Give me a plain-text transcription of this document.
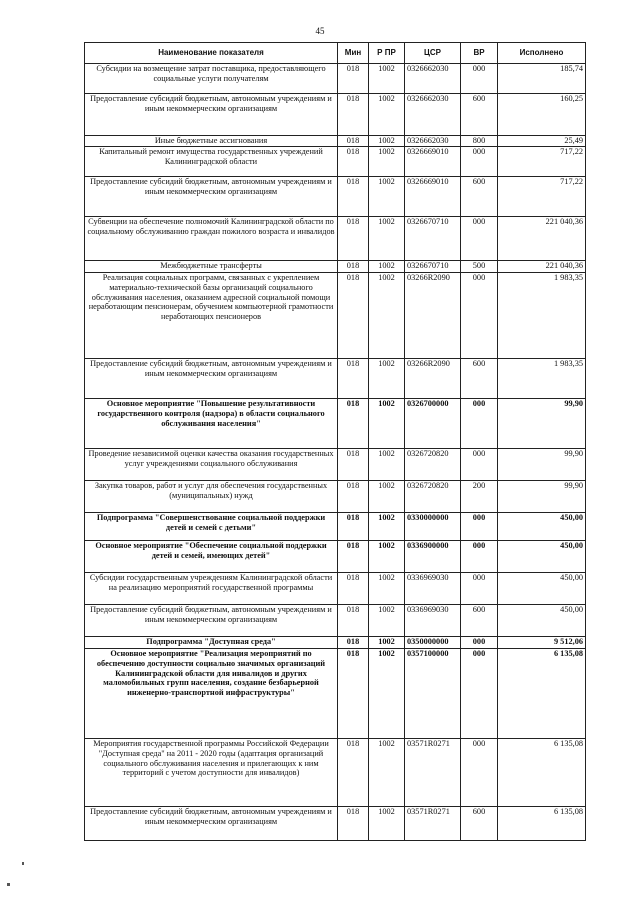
45
Наименование показателя	Мин	Р ПР	ЦСР	ВР	Исполнено
Субсидии на возмещение затрат поставщика, предоставляющего социальные услуги получателям	018	1002	0326662030	000	185,74
Предоставление субсидий бюджетным, автономным учреждениям и иным некоммерческим организациям	018	1002	0326662030	600	160,25
Иные бюджетные ассигнования	018	1002	0326662030	800	25,49
Капитальный ремонт имущества государственных учреждений Калининградской области	018	1002	0326669010	000	717,22
Предоставление субсидий бюджетным, автономным учреждениям и иным некоммерческим организациям	018	1002	0326669010	600	717,22
Субвенции на обеспечение полномочий Калининградской области по социальному обслуживанию граждан пожилого возраста и инвалидов	018	1002	0326670710	000	221 040,36
Межбюджетные трансферты	018	1002	0326670710	500	221 040,36
Реализация социальных программ, связанных с укреплением материально-технической базы организаций социального обслуживания населения, оказанием адресной социальной помощи неработающим пенсионерам, обучением компьютерной грамотности неработающих пенсионеров	018	1002	03266R2090	000	1 983,35
Предоставление субсидий бюджетным, автономным учреждениям и иным некоммерческим организациям	018	1002	03266R2090	600	1 983,35
Основное мероприятие "Повышение результативности государственного контроля (надзора) в области социального обслуживания населения"	018	1002	0326700000	000	99,90
Проведение независимой оценки качества оказания государственных услуг учреждениями социального обслуживания	018	1002	0326720820	000	99,90
Закупка товаров, работ и услуг для обеспечения государственных (муниципальных) нужд	018	1002	0326720820	200	99,90
Подпрограмма "Совершенствование социальной поддержки детей и семей с детьми"	018	1002	0330000000	000	450,00
Основное мероприятие "Обеспечение социальной поддержки детей и семей, имеющих детей"	018	1002	0336900000	000	450,00
Субсидии государственным учреждениям Калининградской области на реализацию мероприятий государственной программы	018	1002	0336969030	000	450,00
Предоставление субсидий бюджетным, автономным учреждениям и иным некоммерческим организациям	018	1002	0336969030	600	450,00
Подпрограмма "Доступная среда"	018	1002	0350000000	000	9 512,06
Основное мероприятие "Реализация мероприятий по обеспечению доступности социально значимых организаций Калининградской области для инвалидов и других маломобильных групп населения, создание безбарьерной инженерно-транспортной инфраструктуры"	018	1002	0357100000	000	6 135,08
Мероприятия государственной программы Российской Федерации "Доступная среда" на 2011 - 2020 годы (адаптация организаций социального обслуживания населения и прилегающих к ним территорий с учетом доступности для инвалидов)	018	1002	03571R0271	000	6 135,08
Предоставление субсидий бюджетным, автономным учреждениям и иным некоммерческим организациям	018	1002	03571R0271	600	6 135,08
